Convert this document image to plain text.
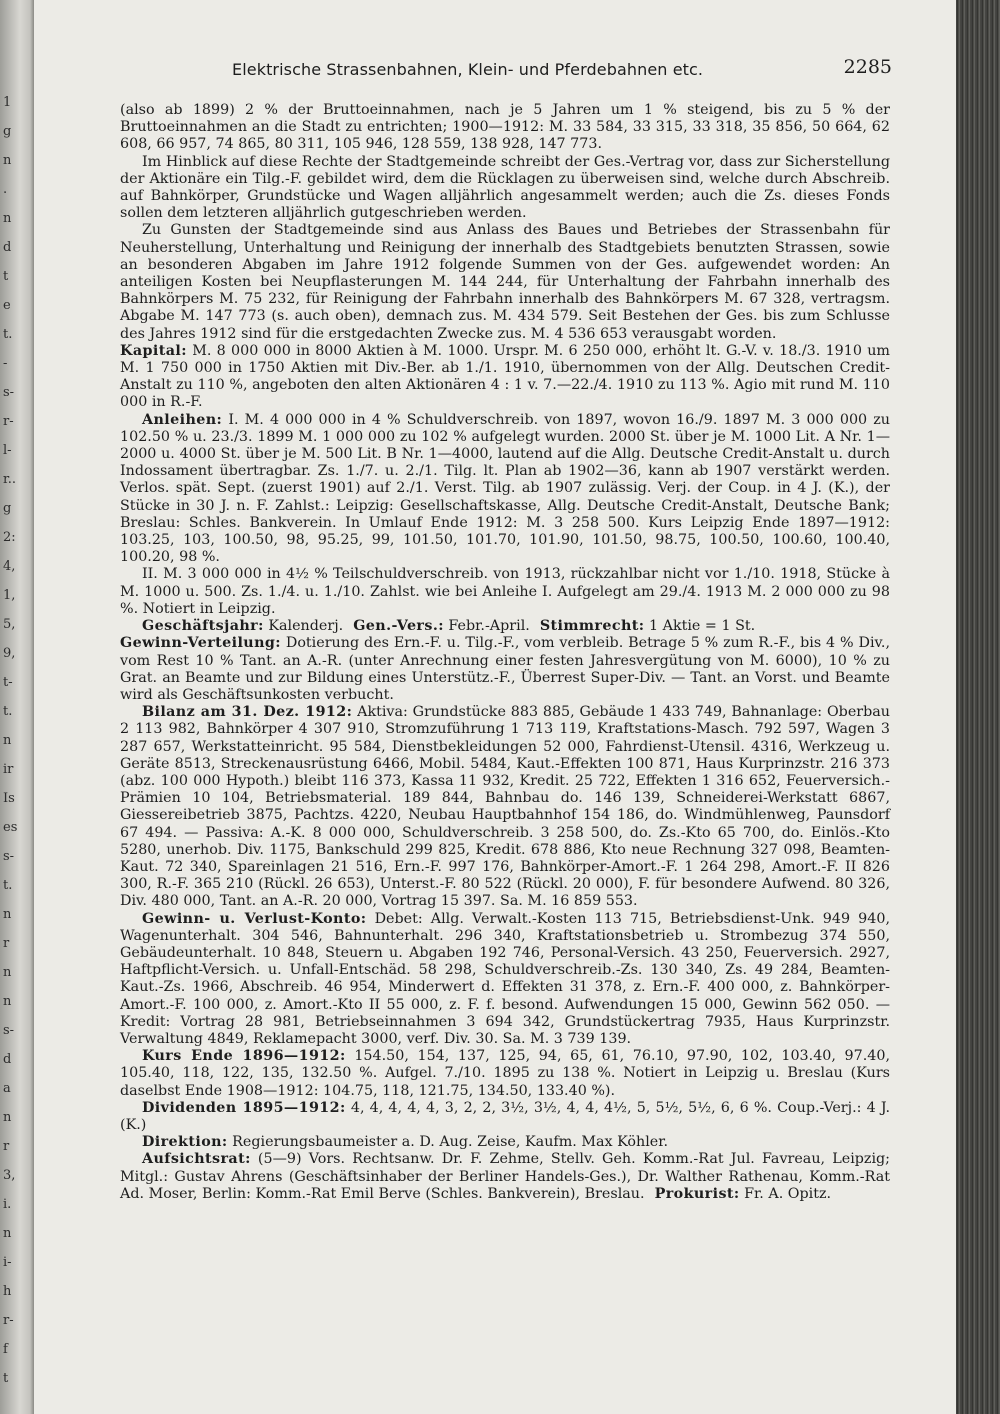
1
g
n
.
n
d
t
e
t.
-
s-
r-
l-
r..
g
2:
4,
1,
5,
9,
t-
t.
n
ir
Is
es
s-
t.
n
r
n
n
s-
d
a
n
r
3,
i.
n
i-
h
r-
f
t
Elektrische Strassenbahnen, Klein- und Pferdebahnen etc.	2285

(also ab 1899) 2 % der Bruttoeinnahmen, nach je 5 Jahren um 1 % steigend, bis zu 5 % der Bruttoeinnahmen an die Stadt zu entrichten; 1900—1912: M. 33 584, 33 315, 33 318, 35 856, 50 664, 62 608, 66 957, 74 865, 80 311, 105 946, 128 559, 138 928, 147 773.

Im Hinblick auf diese Rechte der Stadtgemeinde schreibt der Ges.-Vertrag vor, dass zur Sicherstellung der Aktionäre ein Tilg.-F. gebildet wird, dem die Rücklagen zu überweisen sind, welche durch Abschreib. auf Bahnkörper, Grundstücke und Wagen alljährlich angesammelt werden; auch die Zs. dieses Fonds sollen dem letzteren alljährlich gutgeschrieben werden.

Zu Gunsten der Stadtgemeinde sind aus Anlass des Baues und Betriebes der Strassenbahn für Neuherstellung, Unterhaltung und Reinigung der innerhalb des Stadtgebiets benutzten Strassen, sowie an besonderen Abgaben im Jahre 1912 folgende Summen von der Ges. aufgewendet worden: An anteiligen Kosten bei Neupflasterungen M. 144 244, für Unterhaltung der Fahrbahn innerhalb des Bahnkörpers M. 75 232, für Reinigung der Fahrbahn innerhalb des Bahnkörpers M. 67 328, vertragsm. Abgabe M. 147 773 (s. auch oben), demnach zus. M. 434 579. Seit Bestehen der Ges. bis zum Schlusse des Jahres 1912 sind für die erstgedachten Zwecke zus. M. 4 536 653 verausgabt worden.

Kapital: M. 8 000 000 in 8000 Aktien à M. 1000. Urspr. M. 6 250 000, erhöht lt. G.-V. v. 18./3. 1910 um M. 1 750 000 in 1750 Aktien mit Div.-Ber. ab 1./1. 1910, übernommen von der Allg. Deutschen Credit-Anstalt zu 110 %, angeboten den alten Aktionären 4 : 1 v. 7.—22./4. 1910 zu 113 %. Agio mit rund M. 110 000 in R.-F.

Anleihen: I. M. 4 000 000 in 4 % Schuldverschreib. von 1897, wovon 16./9. 1897 M. 3 000 000 zu 102.50 % u. 23./3. 1899 M. 1 000 000 zu 102 % aufgelegt wurden. 2000 St. über je M. 1000 Lit. A Nr. 1—2000 u. 4000 St. über je M. 500 Lit. B Nr. 1—4000, lautend auf die Allg. Deutsche Credit-Anstalt u. durch Indossament übertragbar. Zs. 1./7. u. 2./1. Tilg. lt. Plan ab 1902—36, kann ab 1907 verstärkt werden. Verlos. spät. Sept. (zuerst 1901) auf 2./1. Verst. Tilg. ab 1907 zulässig. Verj. der Coup. in 4 J. (K.), der Stücke in 30 J. n. F. Zahlst.: Leipzig: Gesellschaftskasse, Allg. Deutsche Credit-Anstalt, Deutsche Bank; Breslau: Schles. Bankverein. In Umlauf Ende 1912: M. 3 258 500. Kurs Leipzig Ende 1897—1912: 103.25, 103, 100.50, 98, 95.25, 99, 101.50, 101.70, 101.90, 101.50, 98.75, 100.50, 100.60, 100.40, 100.20, 98 %.

II. M. 3 000 000 in 4½ % Teilschuldverschreib. von 1913, rückzahlbar nicht vor 1./10. 1918, Stücke à M. 1000 u. 500. Zs. 1./4. u. 1./10. Zahlst. wie bei Anleihe I. Aufgelegt am 29./4. 1913 M. 2 000 000 zu 98 %. Notiert in Leipzig.

Geschäftsjahr: Kalenderj. Gen.-Vers.: Febr.-April. Stimmrecht: 1 Aktie = 1 St.

Gewinn-Verteilung: Dotierung des Ern.-F. u. Tilg.-F., vom verbleib. Betrage 5 % zum R.-F., bis 4 % Div., vom Rest 10 % Tant. an A.-R. (unter Anrechnung einer festen Jahresvergütung von M. 6000), 10 % zu Grat. an Beamte und zur Bildung eines Unterstütz.-F., Überrest Super-Div. — Tant. an Vorst. und Beamte wird als Geschäftsunkosten verbucht.

Bilanz am 31. Dez. 1912: Aktiva: Grundstücke 883 885, Gebäude 1 433 749, Bahnanlage: Oberbau 2 113 982, Bahnkörper 4 307 910, Stromzuführung 1 713 119, Kraftstations-Masch. 792 597, Wagen 3 287 657, Werkstatteinricht. 95 584, Dienstbekleidungen 52 000, Fahrdienst-Utensil. 4316, Werkzeug u. Geräte 8513, Streckenausrüstung 6466, Mobil. 5484, Kaut.-Effekten 100 871, Haus Kurprinzstr. 216 373 (abz. 100 000 Hypoth.) bleibt 116 373, Kassa 11 932, Kredit. 25 722, Effekten 1 316 652, Feuerversich.-Prämien 10 104, Betriebsmaterial. 189 844, Bahnbau do. 146 139, Schneiderei-Werkstatt 6867, Giessereibetrieb 3875, Pachtzs. 4220, Neubau Hauptbahnhof 154 186, do. Windmühlenweg, Paunsdorf 67 494. — Passiva: A.-K. 8 000 000, Schuldverschreib. 3 258 500, do. Zs.-Kto 65 700, do. Einlös.-Kto 5280, unerhob. Div. 1175, Bankschuld 299 825, Kredit. 678 886, Kto neue Rechnung 327 098, Beamten-Kaut. 72 340, Spareinlagen 21 516, Ern.-F. 997 176, Bahnkörper-Amort.-F. 1 264 298, Amort.-F. II 826 300, R.-F. 365 210 (Rückl. 26 653), Unterst.-F. 80 522 (Rückl. 20 000), F. für besondere Aufwend. 80 326, Div. 480 000, Tant. an A.-R. 20 000, Vortrag 15 397. Sa. M. 16 859 553.

Gewinn- u. Verlust-Konto: Debet: Allg. Verwalt.-Kosten 113 715, Betriebsdienst-Unk. 949 940, Wagenunterhalt. 304 546, Bahnunterhalt. 296 340, Kraftstationsbetrieb u. Strombezug 374 550, Gebäudeunterhalt. 10 848, Steuern u. Abgaben 192 746, Personal-Versich. 43 250, Feuerversich. 2927, Haftpflicht-Versich. u. Unfall-Entschäd. 58 298, Schuldverschreib.-Zs. 130 340, Zs. 49 284, Beamten-Kaut.-Zs. 1966, Abschreib. 46 954, Minderwert d. Effekten 31 378, z. Ern.-F. 400 000, z. Bahnkörper-Amort.-F. 100 000, z. Amort.-Kto II 55 000, z. F. f. besond. Aufwendungen 15 000, Gewinn 562 050. — Kredit: Vortrag 28 981, Betriebseinnahmen 3 694 342, Grundstückertrag 7935, Haus Kurprinzstr. Verwaltung 4849, Reklamepacht 3000, verf. Div. 30. Sa. M. 3 739 139.

Kurs Ende 1896—1912: 154.50, 154, 137, 125, 94, 65, 61, 76.10, 97.90, 102, 103.40, 97.40, 105.40, 118, 122, 135, 132.50 %. Aufgel. 7./10. 1895 zu 138 %. Notiert in Leipzig u. Breslau (Kurs daselbst Ende 1908—1912: 104.75, 118, 121.75, 134.50, 133.40 %).

Dividenden 1895—1912: 4, 4, 4, 4, 4, 3, 2, 2, 3½, 3½, 4, 4, 4½, 5, 5½, 5½, 6, 6 %. Coup.-Verj.: 4 J. (K.)

Direktion: Regierungsbaumeister a. D. Aug. Zeise, Kaufm. Max Köhler.

Aufsichtsrat: (5—9) Vors. Rechtsanw. Dr. F. Zehme, Stellv. Geh. Komm.-Rat Jul. Favreau, Leipzig; Mitgl.: Gustav Ahrens (Geschäftsinhaber der Berliner Handels-Ges.), Dr. Walther Rathenau, Komm.-Rat Ad. Moser, Berlin: Komm.-Rat Emil Berve (Schles. Bankverein), Breslau. Prokurist: Fr. A. Opitz.
